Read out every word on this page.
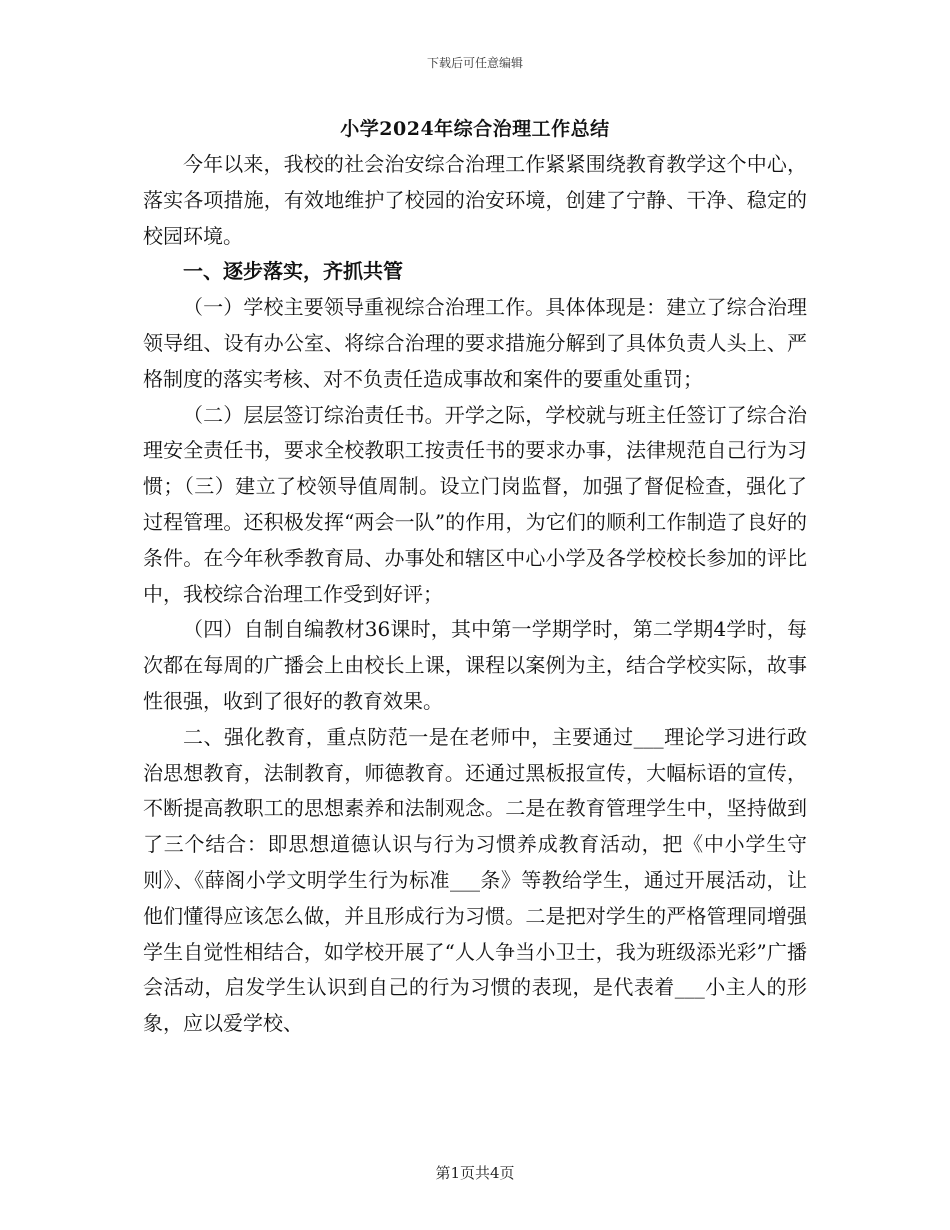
下载后可任意编辑
小学2024年综合治理工作总结

今年以来，我校的社会治安综合治理工作紧紧围绕教育教学这个中心，落实各项措施，有效地维护了校园的治安环境，创建了宁静、干净、稳定的校园环境。

一、逐步落实，齐抓共管

（一）学校主要领导重视综合治理工作。具体体现是：建立了综合治理领导组、设有办公室、将综合治理的要求措施分解到了具体负责人头上、严格制度的落实考核、对不负责任造成事故和案件的要重处重罚；

（二）层层签订综治责任书。开学之际，学校就与班主任签订了综合治理安全责任书，要求全校教职工按责任书的要求办事，法律规范自己行为习惯；（三）建立了校领导值周制。设立门岗监督，加强了督促检查，强化了过程管理。还积极发挥“两会一队”的作用，为它们的顺利工作制造了良好的条件。在今年秋季教育局、办事处和辖区中心小学及各学校校长参加的评比中，我校综合治理工作受到好评；

（四）自制自编教材36课时，其中第一学期学时，第二学期4学时，每次都在每周的广播会上由校长上课，课程以案例为主，结合学校实际，故事性很强，收到了很好的教育效果。

二、强化教育，重点防范一是在老师中，主要通过___理论学习进行政治思想教育，法制教育，师德教育。还通过黑板报宣传，大幅标语的宣传，不断提高教职工的思想素养和法制观念。二是在教育管理学生中，坚持做到了三个结合：即思想道德认识与行为习惯养成教育活动，把《中小学生守则》、《薛阁小学文明学生行为标准___条》等教给学生，通过开展活动，让他们懂得应该怎么做，并且形成行为习惯。二是把对学生的严格管理同增强学生自觉性相结合，如学校开展了“人人争当小卫士，我为班级添光彩”广播会活动，启发学生认识到自己的行为习惯的表现，是代表着___小主人的形象，应以爱学校、

第1页共4页
